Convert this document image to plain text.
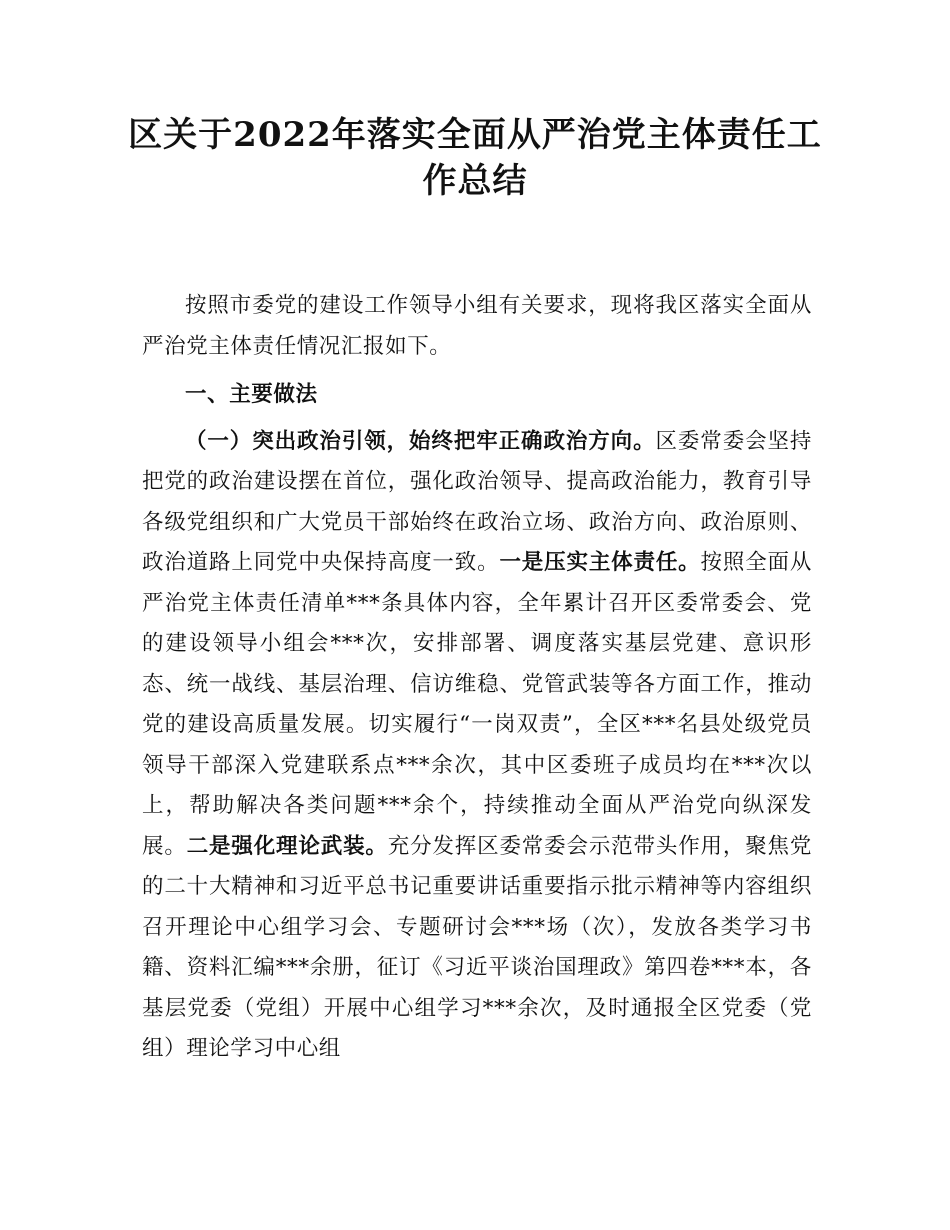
区关于2022年落实全面从严治党主体责任工作总结

按照市委党的建设工作领导小组有关要求，现将我区落实全面从严治党主体责任情况汇报如下。

一、主要做法

（一）突出政治引领，始终把牢正确政治方向。区委常委会坚持把党的政治建设摆在首位，强化政治领导、提高政治能力，教育引导各级党组织和广大党员干部始终在政治立场、政治方向、政治原则、政治道路上同党中央保持高度一致。一是压实主体责任。按照全面从严治党主体责任清单***条具体内容，全年累计召开区委常委会、党的建设领导小组会***次，安排部署、调度落实基层党建、意识形态、统一战线、基层治理、信访维稳、党管武装等各方面工作，推动党的建设高质量发展。切实履行“一岗双责”，全区***名县处级党员领导干部深入党建联系点***余次，其中区委班子成员均在***次以上，帮助解决各类问题***余个，持续推动全面从严治党向纵深发展。二是强化理论武装。充分发挥区委常委会示范带头作用，聚焦党的二十大精神和习近平总书记重要讲话重要指示批示精神等内容组织召开理论中心组学习会、专题研讨会***场（次），发放各类学习书籍、资料汇编***余册，征订《习近平谈治国理政》第四卷***本，各基层党委（党组）开展中心组学习***余次，及时通报全区党委（党组）理论学习中心组
